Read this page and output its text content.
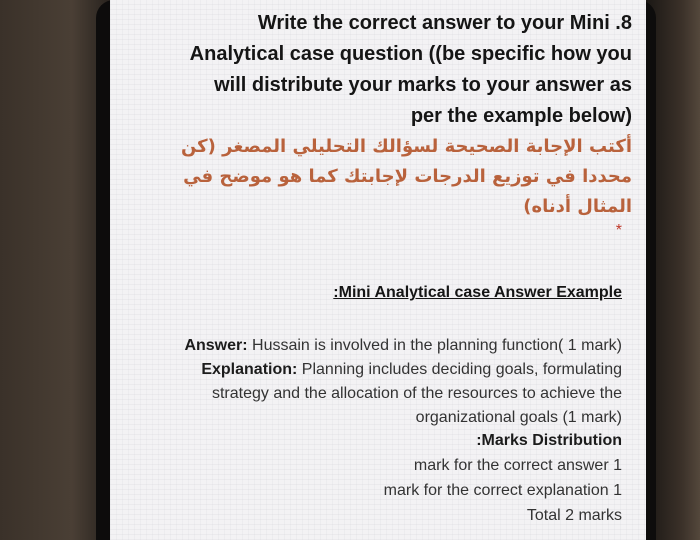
Write the correct answer to your Mini .8
Analytical case question ((be specific how you
will distribute your marks to your answer as
per the example below)
أكتب الإجابة الصحيحة لسؤالك التحليلي المصغر (كن
محددا في توزيع الدرجات لإجابتك كما هو موضح في
المثال أدناه)
*
:Mini Analytical case Answer Example
Answer: Hussain is involved in the planning function( 1 mark)
Explanation: Planning includes deciding goals, formulating
strategy and the allocation of the resources to achieve the
organizational goals (1 mark)
:Marks Distribution
mark for the correct answer 1
mark for the correct explanation 1
Total 2 marks
